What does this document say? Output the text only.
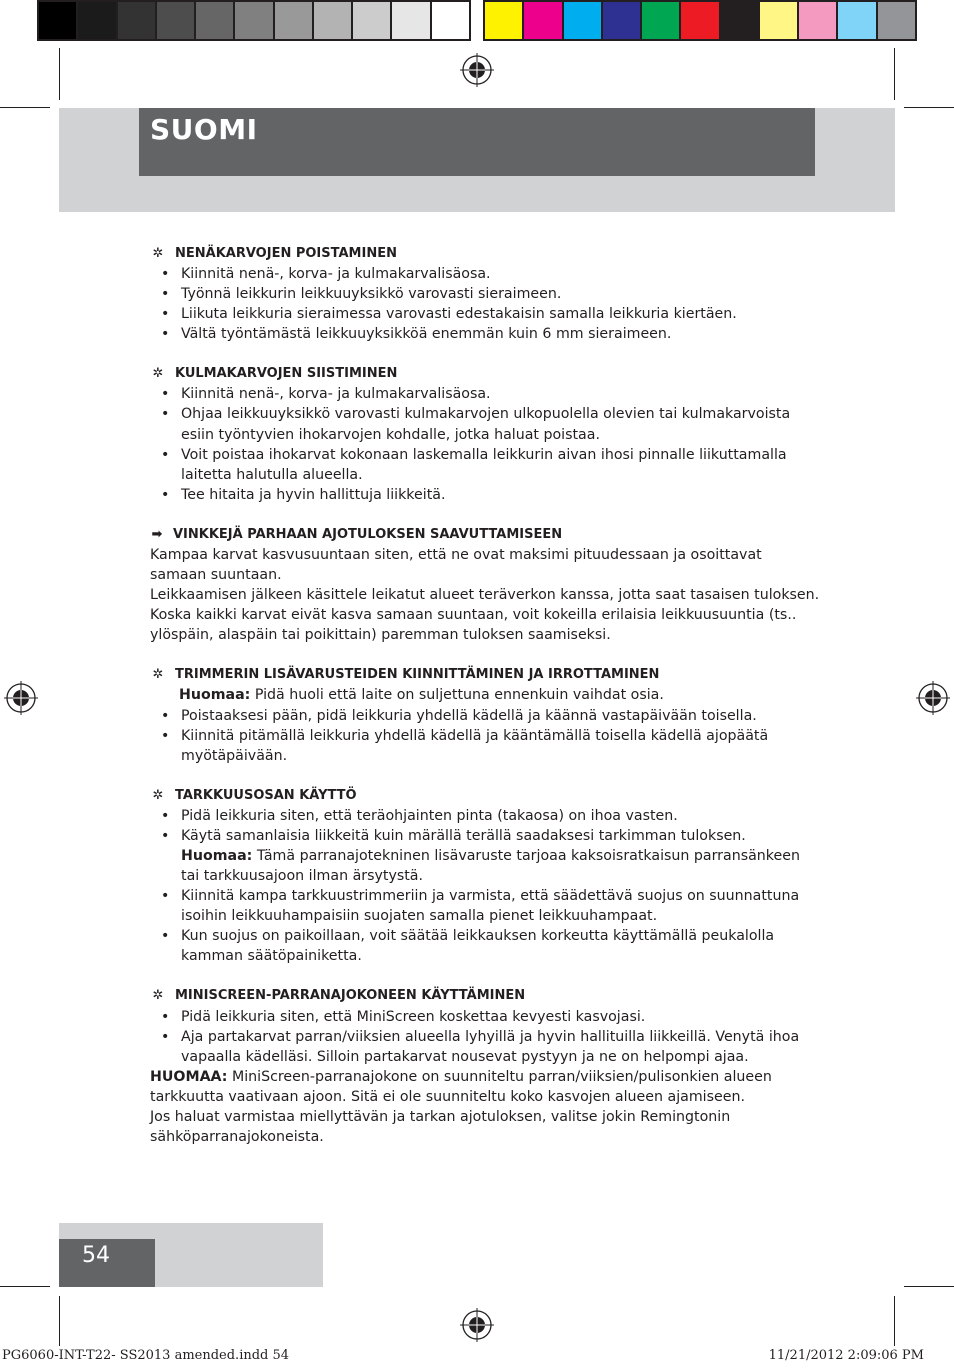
SUOMI
✲ NENÄKARVOJEN POISTAMINEN
• Kiinnitä nenä-, korva- ja kulmakarvalisäosa.
• Työnnä leikkurin leikkuuyksikkö varovasti sieraimeen.
• Liikuta leikkuria sieraimessa varovasti edestakaisin samalla leikkuria kiertäen.
• Vältä työntämästä leikkuuyksikköä enemmän kuin 6 mm sieraimeen.
✲ KULMAKARVOJEN SIISTIMINEN
• Kiinnitä nenä-, korva- ja kulmakarvalisäosa.
• Ohjaa leikkuuyksikkö varovasti kulmakarvojen ulkopuolella olevien tai kulmakarvoista esiin työntyvien ihokarvojen kohdalle, jotka haluat poistaa.
• Voit poistaa ihokarvat kokonaan laskemalla leikkurin aivan ihosi pinnalle liikuttamalla laitetta halutulla alueella.
• Tee hitaita ja hyvin hallittuja liikkeitä.
➡ VINKKEJÄ PARHAAN AJOTULOKSEN SAAVUTTAMISEEN

Kampaa karvat kasvusuuntaan siten, että ne ovat maksimi pituudessaan ja osoittavat samaan suuntaan.

Leikkaamisen jälkeen käsittele leikatut alueet teräverkon kanssa, jotta saat tasaisen tuloksen.

Koska kaikki karvat eivät kasva samaan suuntaan, voit kokeilla erilaisia leikkuusuuntia (ts.. ylöspäin, alaspäin tai poikittain) paremman tuloksen saamiseksi.

✲ TRIMMERIN LISÄVARUSTEIDEN KIINNITTÄMINEN JA IRROTTAMINEN

Huomaa: Pidä huoli että laite on suljettuna ennenkuin vaihdat osia.

• Poistaaksesi pään, pidä leikkuria yhdellä kädellä ja käännä vastapäivään toisella.
• Kiinnitä pitämällä leikkuria yhdellä kädellä ja kääntämällä toisella kädellä ajopäätä myötäpäivään.
✲ TARKKUUSOSAN KÄYTTÖ
• Pidä leikkuria siten, että teräohjainten pinta (takaosa) on ihoa vasten.
• Käytä samanlaisia liikkeitä kuin märällä terällä saadaksesi tarkimman tuloksen.
Huomaa: Tämä parranajotekninen lisävaruste tarjoaa kaksoisratkaisun parransänkeen tai tarkkuusajoon ilman ärsytystä.
• Kiinnitä kampa tarkkuustrimmeriin ja varmista, että säädettävä suojus on suunnattuna isoihin leikkuuhampaisiin suojaten samalla pienet leikkuuhampaat.
• Kun suojus on paikoillaan, voit säätää leikkauksen korkeutta käyttämällä peukalolla kamman säätöpainiketta.
✲ MINISCREEN-PARRANAJOKONEEN KÄYTTÄMINEN
• Pidä leikkuria siten, että MiniScreen koskettaa kevyesti kasvojasi.
• Aja partakarvat parran/viiksien alueella lyhyillä ja hyvin hallituilla liikkeillä. Venytä ihoa vapaalla kädelläsi. Silloin partakarvat nousevat pystyyn ja ne on helpompi ajaa.

HUOMAA: MiniScreen-parranajokone on suunniteltu parran/viiksien/pulisonkien alueen tarkkuutta vaativaan ajoon. Sitä ei ole suunniteltu koko kasvojen alueen ajamiseen.

Jos haluat varmistaa miellyttävän ja tarkan ajotuloksen, valitse jokin Remingtonin sähköparranajokoneista.

54
PG6060-INT-T22- SS2013 amended.indd 54	11/21/2012 2:09:06 PM
